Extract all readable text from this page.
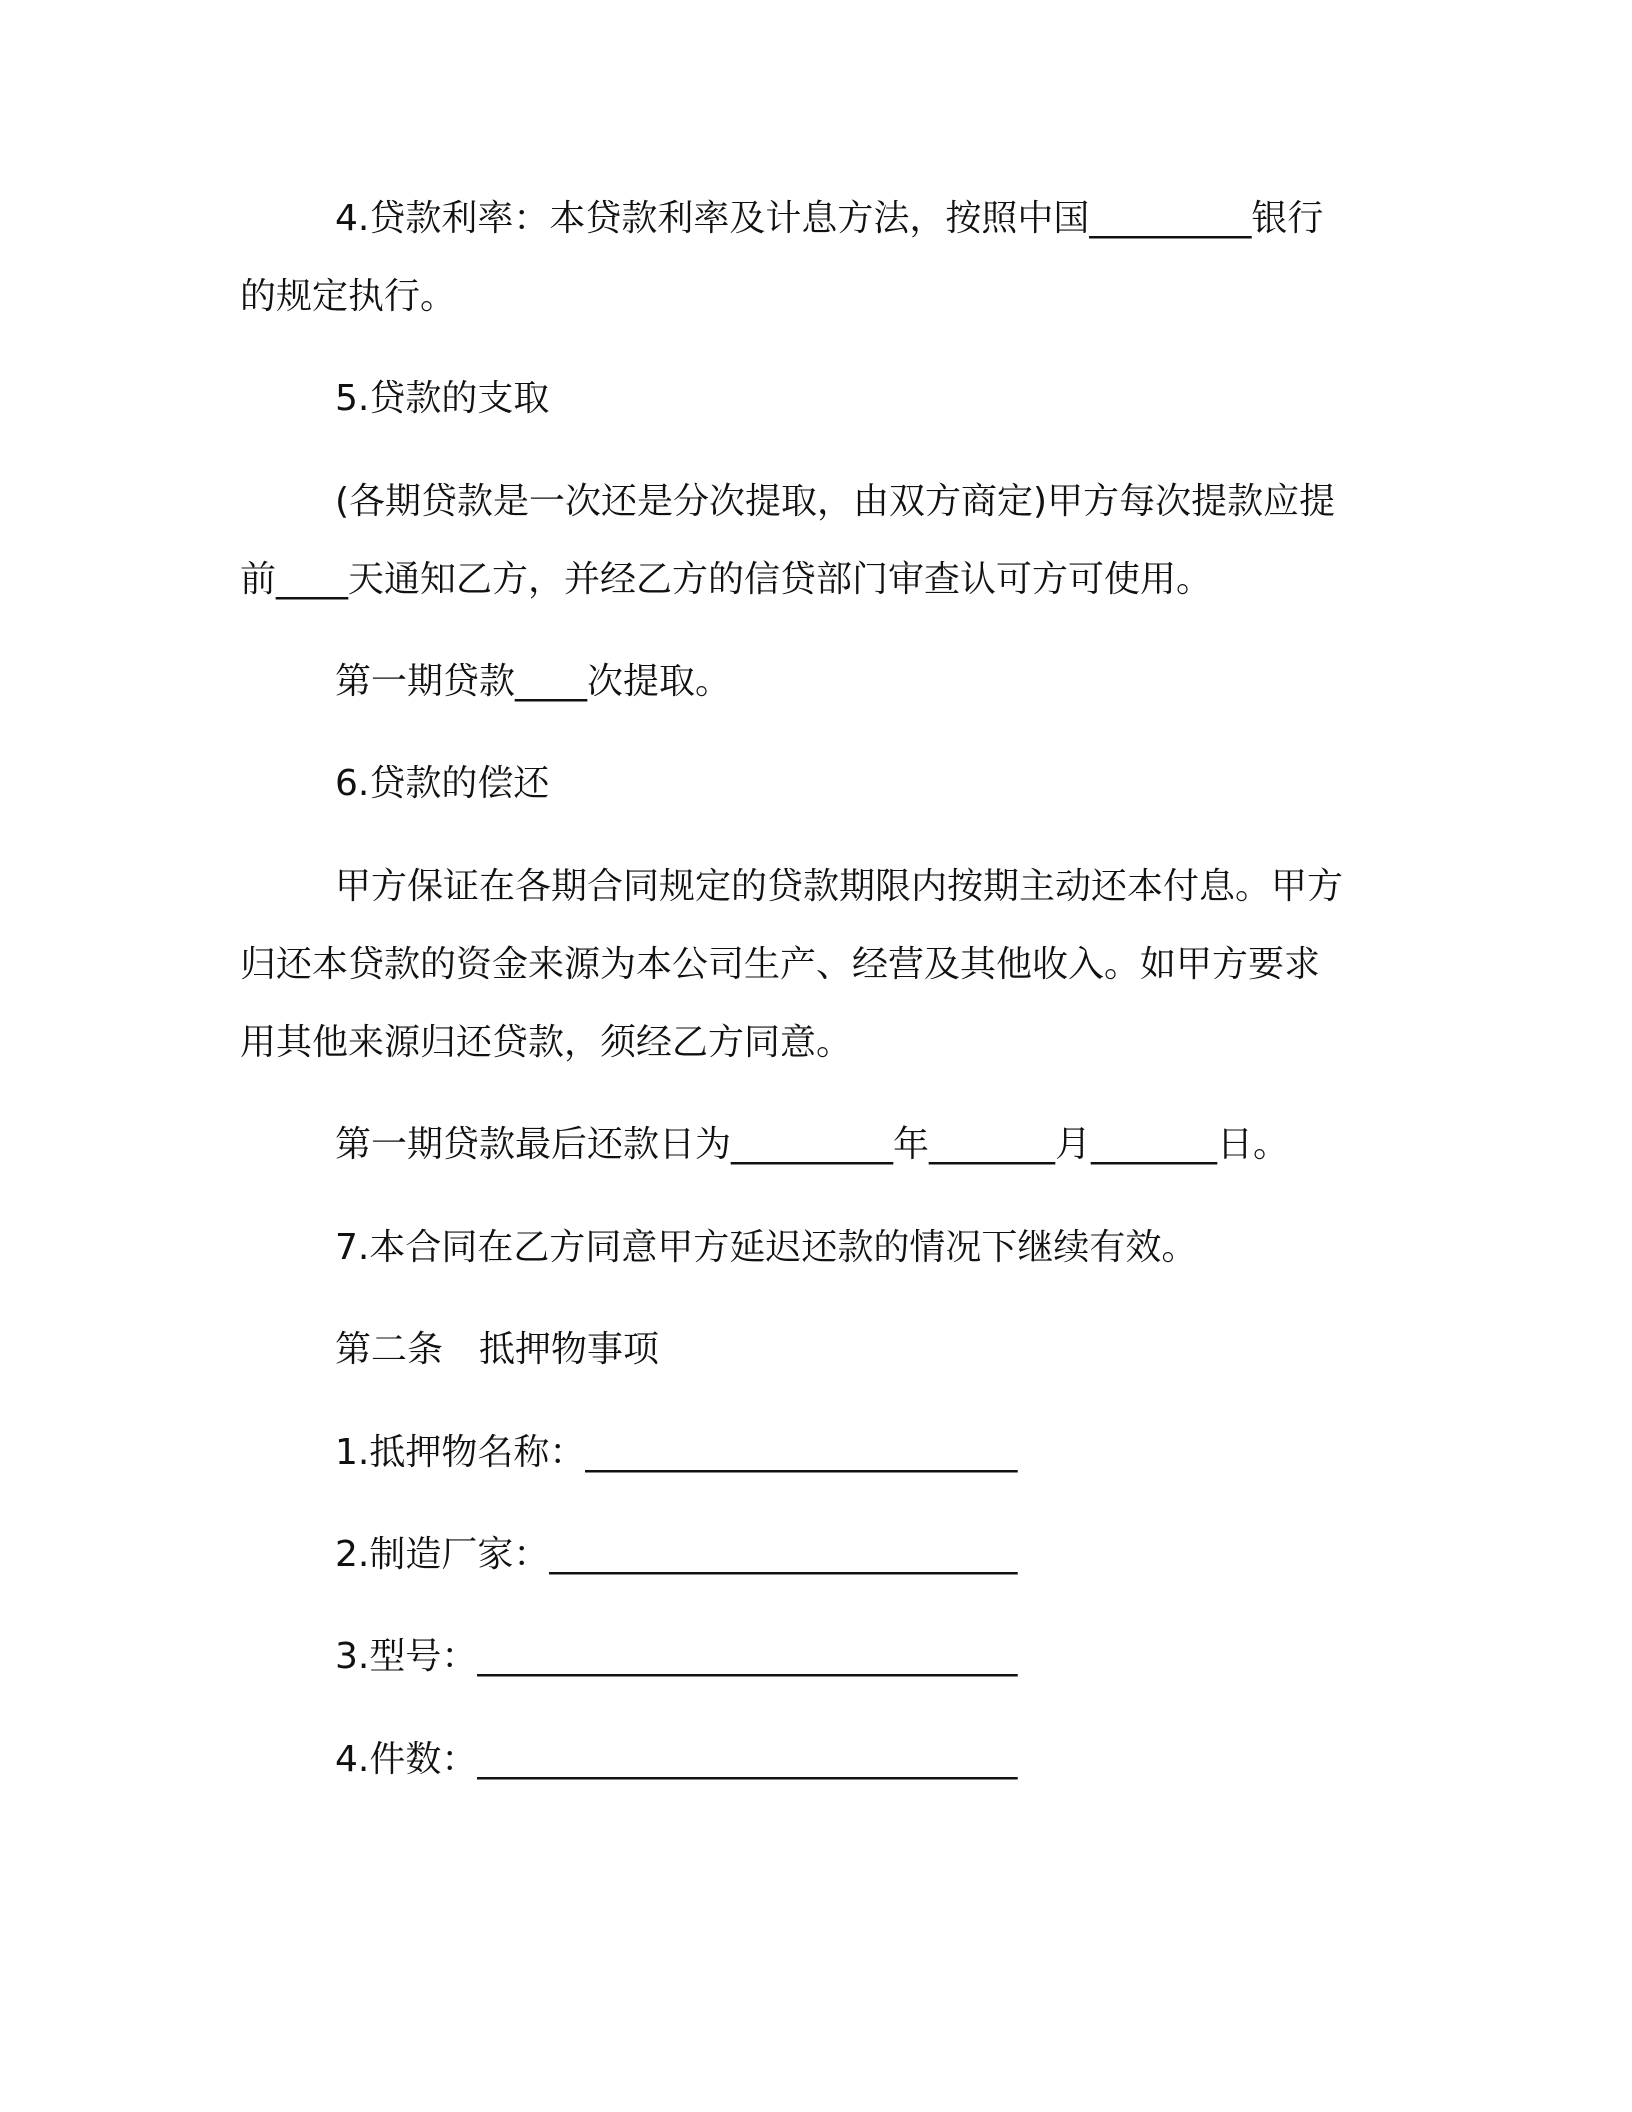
4.贷款利率：本贷款利率及计息方法，按照中国_________银行

的规定执行。

5.贷款的支取

(各期贷款是一次还是分次提取，由双方商定)甲方每次提款应提

前____天通知乙方，并经乙方的信贷部门审查认可方可使用。

第一期贷款____次提取。

6.贷款的偿还

甲方保证在各期合同规定的贷款期限内按期主动还本付息。甲方

归还本贷款的资金来源为本公司生产、经营及其他收入。如甲方要求

用其他来源归还贷款，须经乙方同意。

第一期贷款最后还款日为_________年_______月_______日。

7.本合同在乙方同意甲方延迟还款的情况下继续有效。

第二条　抵押物事项

1.抵押物名称：________________________

2.制造厂家：__________________________

3.型号：______________________________

4.件数：______________________________
